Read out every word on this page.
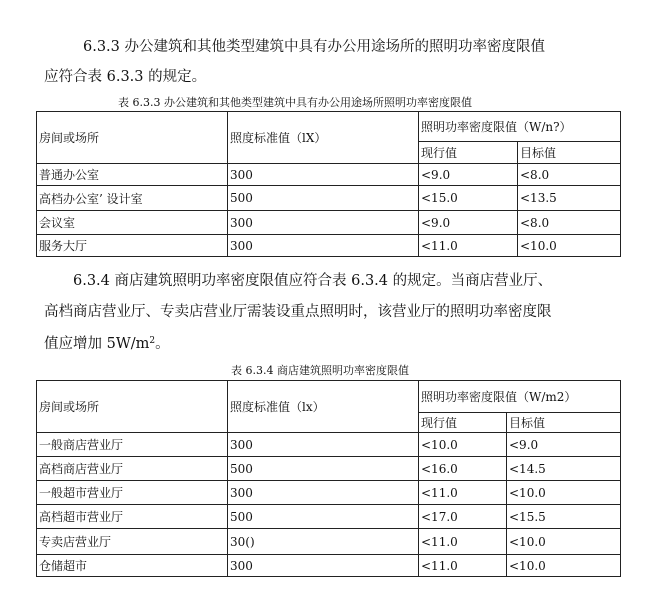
6.3.3 办公建筑和其他类型建筑中具有办公用途场所的照明功率密度限值
应符合表 6.3.3 的规定。
表 6.3.3 办公建筑和其他类型建筑中具有办公用途场所照明功率密度限值
房间或场所	照度标准值（lX）	照明功率密度限值（W/n?）	
		现行值	目标值
普通办公室	300	<9.0	<8.0
高档办公室’ 设计室	500	<15.0	<13.5
会议室	300	<9.0	<8.0
服务大厅	300	<11.0	<10.0
6.3.4 商店建筑照明功率密度限值应符合表 6.3.4 的规定。当商店营业厅、
高档商店营业厅、专卖店营业厅需装设重点照明时，该营业厅的照明功率密度限
值应增加 $5W/m^2$。
表 6.3.4 商店建筑照明功率密度限值
房间或场所	照度标准值（lx）	照明功率密度限值（W/m2）	
		现行值	目标值
一般商店营业厅	300	<10.0	<9.0
高档商店营业厅	500	<16.0	<14.5
一般超市营业厅	300	<11.0	<10.0
高档超市营业厅	500	<17.0	<15.5
专卖店营业厅	30()	<11.0	<10.0
仓储超市	300	<11.0	<10.0
